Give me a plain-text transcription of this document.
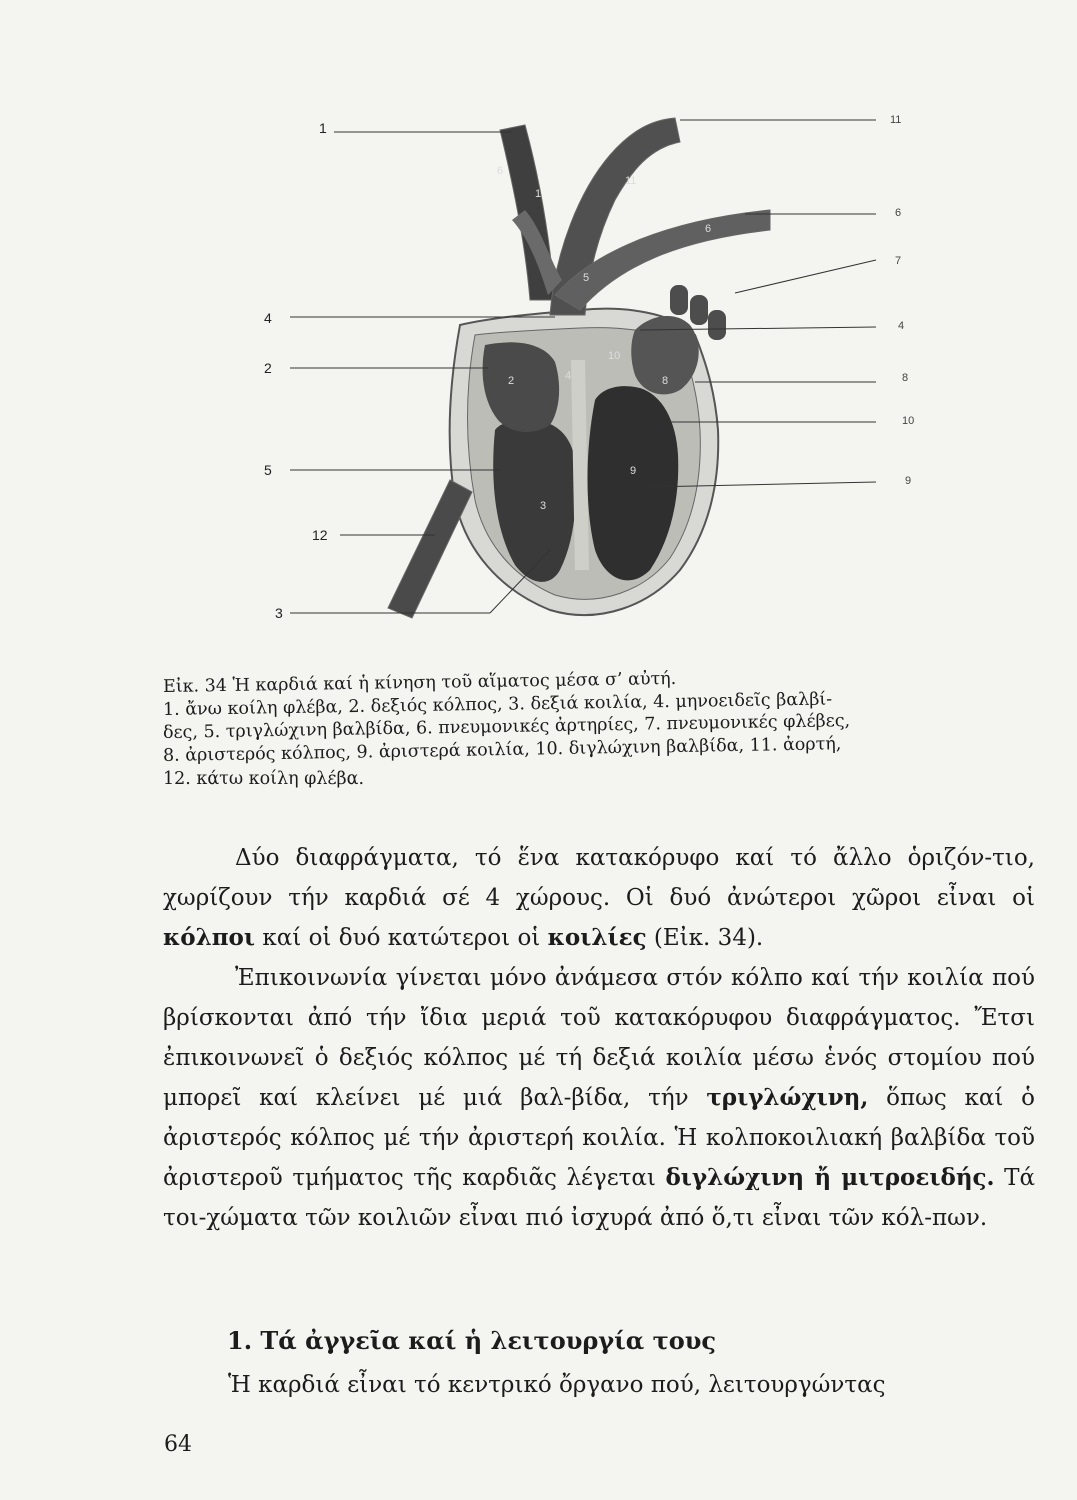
1
4
2
5
12
3
11
6
7
4
8
10
9
1
11
6
6
5
2	4
10
8
3
9
Εἰκ. 34 Ἡ καρδιά καί ἡ κίνηση τοῦ αἵματος μέσα σ’ αὐτή.
1. ἄνω κοίλη φλέβα, 2. δεξιός κόλπος, 3. δεξιά κοιλία, 4. μηνοειδεῖς βαλβί-
δες, 5. τριγλώχινη βαλβίδα, 6. πνευμονικές ἀρτηρίες, 7. πνευμονικές φλέβες,
8. ἀριστερός κόλπος, 9. ἀριστερά κοιλία, 10. διγλώχινη βαλβίδα, 11. ἀορτή,
12. κάτω κοίλη φλέβα.

Δύο διαφράγματα, τό ἕνα κατακόρυφο καί τό ἄλλο ὁριζόν-τιο, χωρίζουν τήν καρδιά σέ 4 χώρους. Οἱ δυό ἀνώτεροι χῶροι εἶναι οἱ κόλποι καί οἱ δυό κατώτεροι οἱ κοιλίες (Εἰκ. 34).

Ἐπικοινωνία γίνεται μόνο ἀνάμεσα στόν κόλπο καί τήν κοιλία πού βρίσκονται ἀπό τήν ἴδια μεριά τοῦ κατακόρυφου διαφράγματος. Ἔτσι ἐπικοινωνεῖ ὁ δεξιός κόλπος μέ τή δεξιά κοιλία μέσω ἑνός στομίου πού μπορεῖ καί κλείνει μέ μιά βαλ-βίδα, τήν τριγλώχινη, ὅπως καί ὁ ἀριστερός κόλπος μέ τήν ἀριστερή κοιλία. Ἡ κολποκοιλιακή βαλβίδα τοῦ ἀριστεροῦ τμήματος τῆς καρδιᾶς λέγεται διγλώχινη ἤ μιτροειδής. Τά τοι-χώματα τῶν κοιλιῶν εἶναι πιό ἰσχυρά ἀπό ὅ,τι εἶναι τῶν κόλ-πων.

1. Τά ἀγγεῖα καί ἡ λειτουργία τους
Ἡ καρδιά εἶναι τό κεντρικό ὄργανο πού, λειτουργώντας
64
